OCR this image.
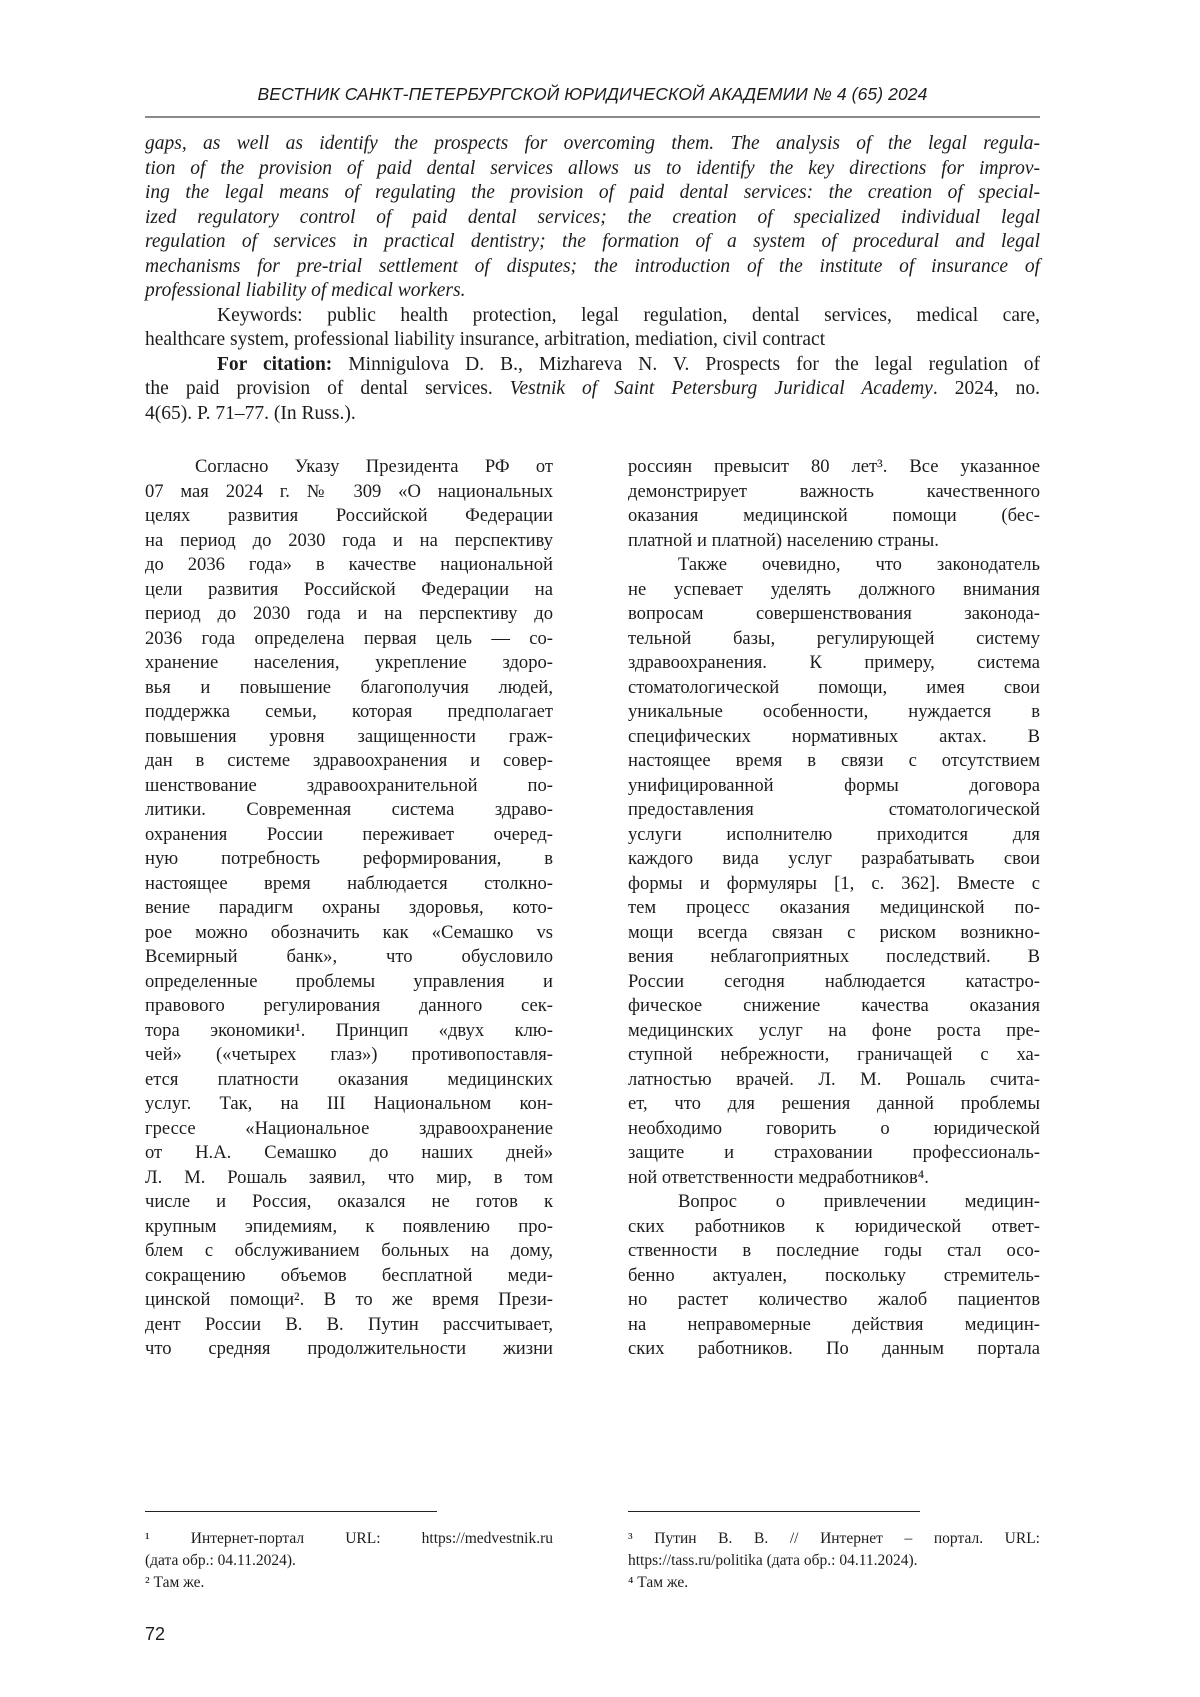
ВЕСТНИК САНКТ-ПЕТЕРБУРГСКОЙ ЮРИДИЧЕСКОЙ АКАДЕМИИ № 4 (65) 2024
gaps, as well as identify the prospects for overcoming them. The analysis of the legal regula-
tion of the provision of paid dental services allows us to identify the key directions for improv-
ing the legal means of regulating the provision of paid dental services: the creation of special-
ized regulatory control of paid dental services; the creation of specialized individual legal
regulation of services in practical dentistry; the formation of a system of procedural and legal
mechanisms for pre-trial settlement of disputes; the introduction of the institute of insurance of
professional liability of medical workers.
Keywords: public health protection, legal regulation, dental services, medical care,
healthcare system, professional liability insurance, arbitration, mediation, civil contract
For citation: Minnigulova D. B., Mizhareva N. V. Prospects for the legal regulation of
the paid provision of dental services. Vestnik of Saint Petersburg Juridical Academy. 2024, no.
4(65). P. 71–77. (In Russ.).
Согласно Указу Президента РФ от
07 мая 2024 г. № 309 «О национальных
целях развития Российской Федерации
на период до 2030 года и на перспективу
до 2036 года» в качестве национальной
цели развития Российской Федерации на
период до 2030 года и на перспективу до
2036 года определена первая цель — со-
хранение населения, укрепление здоро-
вья и повышение благополучия людей,
поддержка семьи, которая предполагает
повышения уровня защищенности граж-
дан в системе здравоохранения и совер-
шенствование здравоохранительной по-
литики. Современная система здраво-
охранения России переживает очеред-
ную потребность реформирования, в
настоящее время наблюдается столкно-
вение парадигм охраны здоровья, кото-
рое можно обозначить как «Семашко vs
Всемирный банк», что обусловило
определенные проблемы управления и
правового регулирования данного сек-
тора экономики¹. Принцип «двух клю-
чей» («четырех глаз») противопоставля-
ется платности оказания медицинских
услуг. Так, на III Национальном кон-
грессе «Национальное здравоохранение
от Н.А. Семашко до наших дней»
Л. М. Рошаль заявил, что мир, в том
числе и Россия, оказался не готов к
крупным эпидемиям, к появлению про-
блем с обслуживанием больных на дому,
сокращению объемов бесплатной меди-
цинской помощи². В то же время Прези-
дент России В. В. Путин рассчитывает,
что средняя продолжительности жизни
россиян превысит 80 лет³. Все указанное
демонстрирует важность качественного
оказания медицинской помощи (бес-
платной и платной) населению страны.
Также очевидно, что законодатель
не успевает уделять должного внимания
вопросам совершенствования законода-
тельной базы, регулирующей систему
здравоохранения. К примеру, система
стоматологической помощи, имея свои
уникальные особенности, нуждается в
специфических нормативных актах. В
настоящее время в связи с отсутствием
унифицированной формы договора
предоставления стоматологической
услуги исполнителю приходится для
каждого вида услуг разрабатывать свои
формы и формуляры [1, с. 362]. Вместе с
тем процесс оказания медицинской по-
мощи всегда связан с риском возникно-
вения неблагоприятных последствий. В
России сегодня наблюдается катастро-
фическое снижение качества оказания
медицинских услуг на фоне роста пре-
ступной небрежности, граничащей с ха-
латностью врачей. Л. М. Рошаль счита-
ет, что для решения данной проблемы
необходимо говорить о юридической
защите и страховании профессиональ-
ной ответственности медработников⁴.
Вопрос о привлечении медицин-
ских работников к юридической ответ-
ственности в последние годы стал осо-
бенно актуален, поскольку стремитель-
но растет количество жалоб пациентов
на неправомерные действия медицин-
ских работников. По данным портала
¹ Интернет-портал URL: https://medvestnik.ru
(дата обр.: 04.11.2024).
² Там же.
³ Путин В. В. // Интернет – портал. URL:
https://tass.ru/politika (дата обр.: 04.11.2024).
⁴ Там же.
72
